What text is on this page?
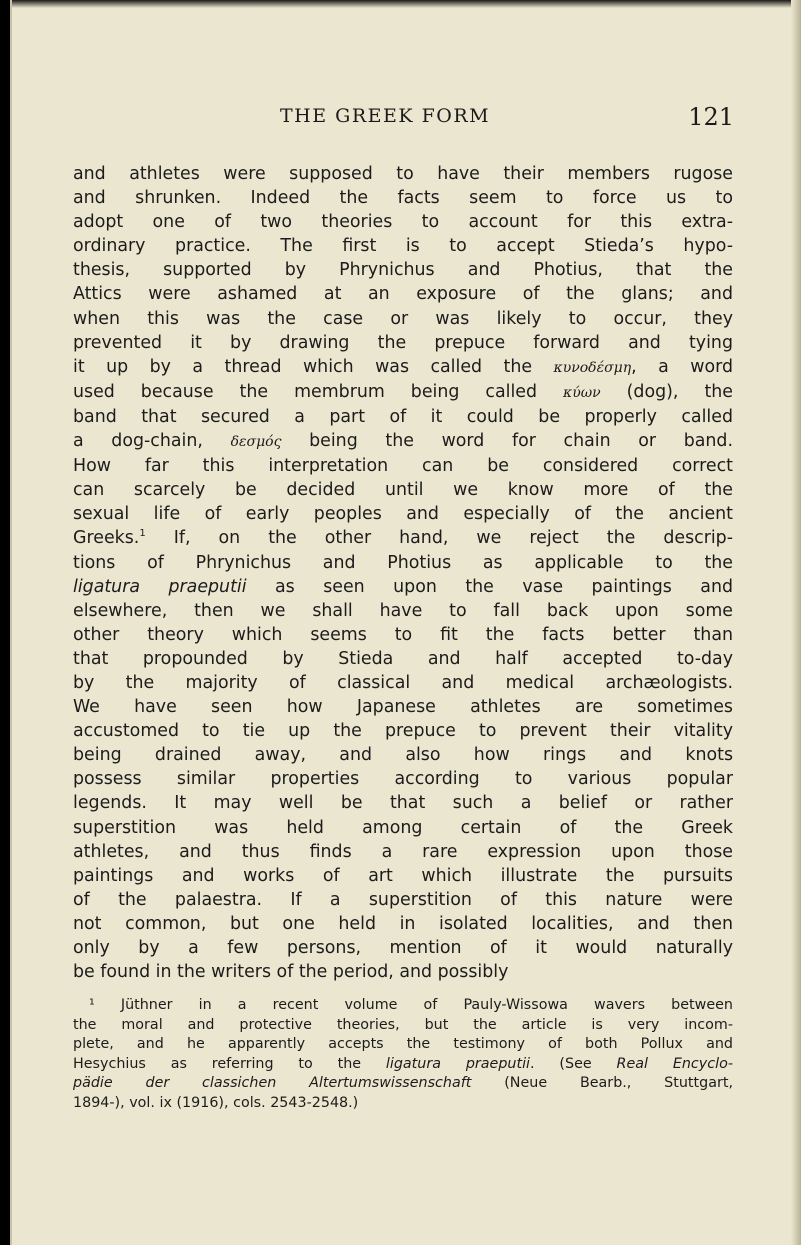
THE GREEK FORM	121
and athletes were supposed to have their members rugose
and shrunken. Indeed the facts seem to force us to
adopt one of two theories to account for this extra-
ordinary practice. The first is to accept Stieda’s hypo-
thesis, supported by Phrynichus and Photius, that the
Attics were ashamed at an exposure of the glans; and
when this was the case or was likely to occur, they
prevented it by drawing the prepuce forward and tying
it up by a thread which was called the κυνοδέσμη, a word
used because the membrum being called κύων (dog), the
band that secured a part of it could be properly called
a dog-chain, δεσμός being the word for chain or band.
How far this interpretation can be considered correct
can scarcely be decided until we know more of the
sexual life of early peoples and especially of the ancient
Greeks.$^1$ If, on the other hand, we reject the descrip-
tions of Phrynichus and Photius as applicable to the
ligatura praeputii as seen upon the vase paintings and
elsewhere, then we shall have to fall back upon some
other theory which seems to fit the facts better than
that propounded by Stieda and half accepted to-day
by the majority of classical and medical archæologists.
We have seen how Japanese athletes are sometimes
accustomed to tie up the prepuce to prevent their vitality
being drained away, and also how rings and knots
possess similar properties according to various popular
legends. It may well be that such a belief or rather
superstition was held among certain of the Greek
athletes, and thus finds a rare expression upon those
paintings and works of art which illustrate the pursuits
of the palaestra. If a superstition of this nature were
not common, but one held in isolated localities, and then
only by a few persons, mention of it would naturally
be found in the writers of the period, and possibly
¹ Jüthner in a recent volume of Pauly-Wissowa wavers between
the moral and protective theories, but the article is very incom-
plete, and he apparently accepts the testimony of both Pollux and
Hesychius as referring to the ligatura praeputii. (See Real Encyclo-
pädie der classichen Altertumswissenschaft (Neue Bearb., Stuttgart,
1894-), vol. ix (1916), cols. 2543-2548.)
